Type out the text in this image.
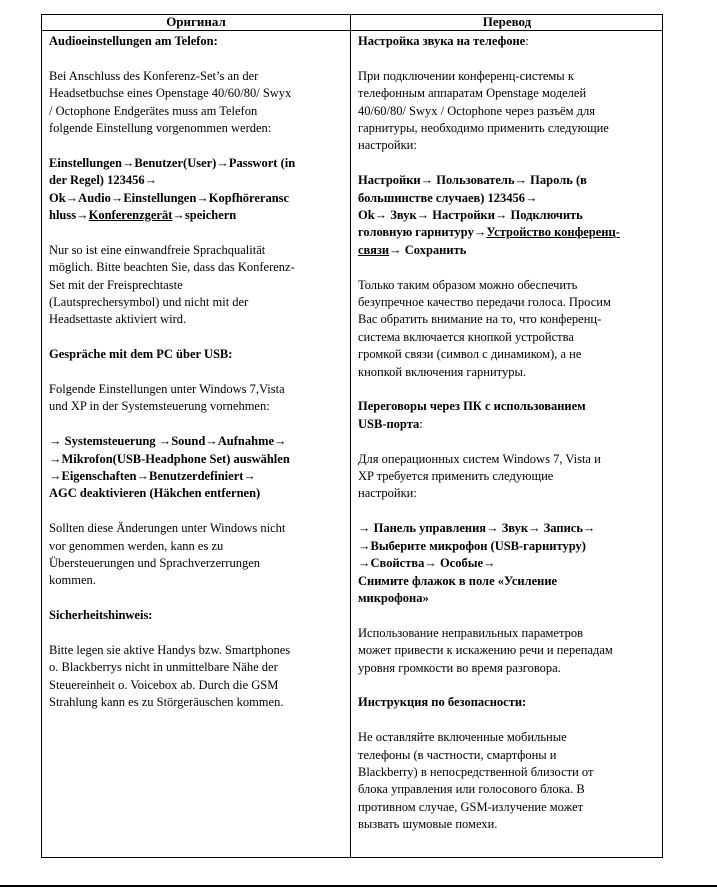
Оригинал	Перевод

Audioeinstellungen am Telefon:

Bei Anschluss des Konferenz-Set’s an der
Headsetbuchse eines Openstage 40/60/80/ Swyx
/ Octophone Endgerätes muss am Telefon
folgende Einstellung vorgenommen werden:

Einstellungen→Benutzer(User)→Passwort (in
der Regel) 123456→
Ok→Audio→Einstellungen→Kopfhöreransc
hluss→Konferenzgerät→speichern

Nur so ist eine einwandfreie Sprachqualität
möglich. Bitte beachten Sie, dass das Konferenz-
Set mit der Freisprechtaste
(Lautsprechersymbol) und nicht mit der
Headsettaste aktiviert wird.

Gespräche mit dem PC über USB:

Folgende Einstellungen unter Windows 7,Vista
und XP in der Systemsteuerung vornehmen:

→ Systemsteuerung →Sound→Aufnahme→
→Mikrofon(USB-Headphone Set) auswählen
→Eigenschaften→Benutzerdefiniert→
AGC deaktivieren (Häkchen entfernen)

Sollten diese Änderungen unter Windows nicht
vor genommen werden, kann es zu
Übersteuerungen und Sprachverzerrungen
kommen.

Sicherheitshinweis:

Bitte legen sie aktive Handys bzw. Smartphones
o. Blackberrys nicht in unmittelbare Nähe der
Steuereinheit o. Voicebox ab. Durch die GSM
Strahlung kann es zu Störgeräuschen kommen.

Настройка звука на телефоне:

При подключении конференц-системы к
телефонным аппаратам Openstage моделей
40/60/80/ Swyx / Octophone через разъём для
гарнитуры, необходимо применить следующие
настройки:

Настройки→ Пользователь→ Пароль (в
большинстве случаев) 123456→
Ok→ Звук→ Настройки→ Подключить
головную гарнитуру→Устройство конференц-связи→ Сохранить

Только таким образом можно обеспечить
безупречное качество передачи голоса. Просим
Вас обратить внимание на то, что конференц-
система включается кнопкой устройства
громкой связи (символ с динамиком), а не
кнопкой включения гарнитуры.

Переговоры через ПК с использованием
USB-порта:

Для операционных систем Windows 7, Vista и
XP требуется применить следующие
настройки:

→ Панель управления→ Звук→ Запись→
→Выберите микрофон (USB-гарнитуру)
→Свойства→ Особые→
Снимите флажок в поле «Усиление
микрофона»

Использование неправильных параметров
может привести к искажению речи и перепадам
уровня громкости во время разговора.

Инструкция по безопасности:

Не оставляйте включенные мобильные
телефоны (в частности, смартфоны и
Blackberry) в непосредственной близости от
блока управления или голосового блока. В
противном случае, GSM-излучение может
вызвать шумовые помехи.
